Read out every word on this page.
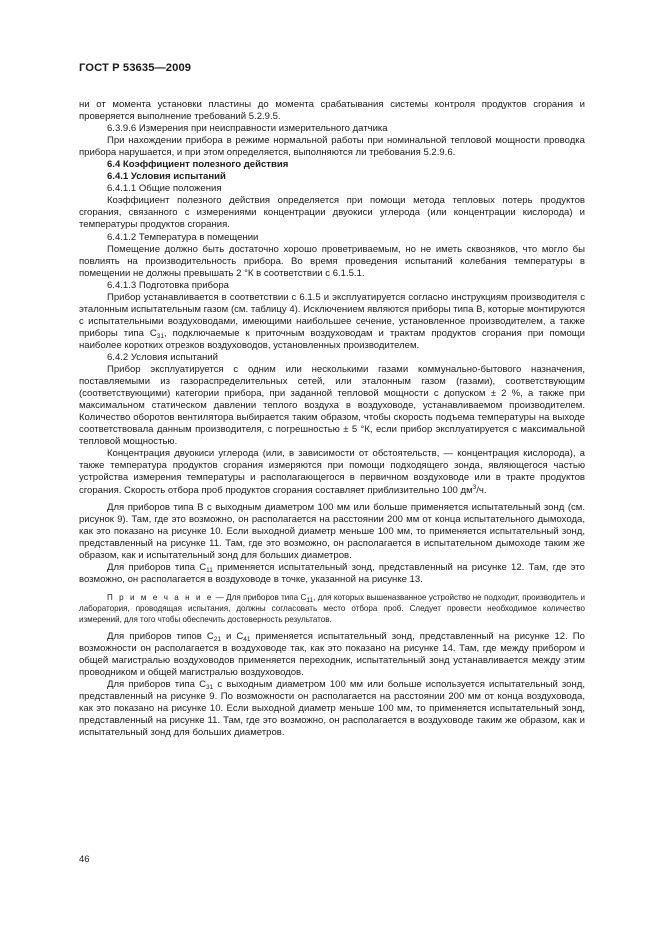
ГОСТ Р 53635—2009

ни от момента установки пластины до момента срабатывания системы контроля продуктов сгорания и проверяется выполнение требований 5.2.9.5.

6.3.9.6 Измерения при неисправности измерительного датчика

При нахождении прибора в режиме нормальной работы при номинальной тепловой мощности проводка прибора нарушается, и при этом определяется, выполняются ли требования 5.2.9.6.

6.4 Коэффициент полезного действия

6.4.1 Условия испытаний

6.4.1.1 Общие положения

Коэффициент полезного действия определяется при помощи метода тепловых потерь продуктов сгорания, связанного с измерениями концентрации двуокиси углерода (или концентрации кислорода) и температуры продуктов сгорания.

6.4.1.2 Температура в помещении

Помещение должно быть достаточно хорошо проветриваемым, но не иметь сквозняков, что могло бы повлиять на производительность прибора. Во время проведения испытаний колебания температуры в помещении не должны превышать 2 °К в соответствии с 6.1.5.1.

6.4.1.3 Подготовка прибора

Прибор устанавливается в соответствии с 6.1.5 и эксплуатируется согласно инструкциям производителя с эталонным испытательным газом (см. таблицу 4). Исключением являются приборы типа В, которые монтируются с испытательными воздуховодами, имеющими наибольшее сечение, установленное производителем, а также приборы типа $С_{31}$, подключаемые к приточным воздуховодам и трактам продуктов сгорания при помощи наиболее коротких отрезков воздуховодов, установленных производителем.

6.4.2 Условия испытаний

Прибор эксплуатируется с одним или несколькими газами коммунально-бытового назначения, поставляемыми из газораспределительных сетей, или эталонным газом (газами), соответствующим (соответствующими) категории прибора, при заданной тепловой мощности с допуском ± 2 %, а также при максимальном статическом давлении теплого воздуха в воздуховоде, устанавливаемом производителем. Количество оборотов вентилятора выбирается таким образом, чтобы скорость подъема температуры на выходе соответствовала данным производителя, с погрешностью ± 5 °К, если прибор эксплуатируется с максимальной тепловой мощностью.

Концентрация двуокиси углерода (или, в зависимости от обстоятельств, — концентрация кислорода), а также температура продуктов сгорания измеряются при помощи подходящего зонда, являющегося частью устройства измерения температуры и располагающегося в первичном воздуховоде или в тракте продуктов сгорания. Скорость отбора проб продуктов сгорания составляет приблизительно 100 $дм^3/ч$.

Для приборов типа В с выходным диаметром 100 мм или больше применяется испытательный зонд (см. рисунок 9). Там, где это возможно, он располагается на расстоянии 200 мм от конца испытательного дымохода, как это показано на рисунке 10. Если выходной диаметр меньше 100 мм, то применяется испытательный зонд, представленный на рисунке 11. Там, где это возможно, он располагается в испытательном дымоходе таким же образом, как и испытательный зонд для больших диаметров.

Для приборов типа $С_{11}$ применяется испытательный зонд, представленный на рисунке 12. Там, где это возможно, он располагается в воздуховоде в точке, указанной на рисунке 13.

П р и м е ч а н и е — Для приборов типа $С_{11}$, для которых вышеназванное устройство не подходит, производитель и лаборатория, проводящая испытания, должны согласовать место отбора проб. Следует провести необходимое количество измерений, для того чтобы обеспечить достоверность результатов.

Для приборов типов $С_{21}$ и $С_{41}$ применяется испытательный зонд, представленный на рисунке 12. По возможности он располагается в воздуховоде так, как это показано на рисунке 14. Там, где между прибором и общей магистралью воздуховодов применяется переходник, испытательный зонд устанавливается между этим проводником и общей магистралью воздуховодов.

Для приборов типа $С_{31}$ с выходным диаметром 100 мм или больше используется испытательный зонд, представленный на рисунке 9. По возможности он располагается на расстоянии 200 мм от конца воздуховода, как это показано на рисунке 10. Если выходной диаметр меньше 100 мм, то применяется испытательный зонд, представленный на рисунке 11. Там, где это возможно, он располагается в воздуховоде таким же образом, как и испытательный зонд для больших диаметров.

46
